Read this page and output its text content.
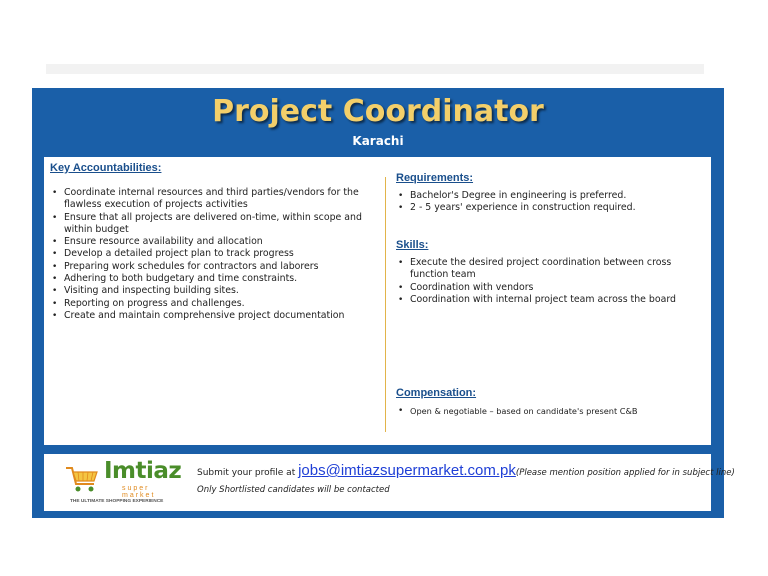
Project Coordinator
Karachi
Key Accountabilities:
• Coordinate internal resources and third parties/vendors for the flawless execution of projects activities
• Ensure that all projects are delivered on-time, within scope and within budget
• Ensure resource availability and allocation
• Develop a detailed project plan to track progress
• Preparing work schedules for contractors and laborers
• Adhering to both budgetary and time constraints.
• Visiting and inspecting building sites.
• Reporting on progress and challenges.
• Create and maintain comprehensive project documentation
Requirements:
• Bachelor's Degree in engineering is preferred.
• 2 - 5 years' experience in construction required.
Skills:
• Execute the desired project coordination between cross function team
• Coordination with vendors
• Coordination with internal project team across the board
Compensation:
• Open & negotiable – based on candidate's present C&B
Imtiaz
super market
THE ULTIMATE SHOPPING EXPERIENCE
Submit your profile at jobs@imtiazsupermarket.com.pk(Please mention position applied for in subject line)
Only Shortlisted candidates will be contacted
